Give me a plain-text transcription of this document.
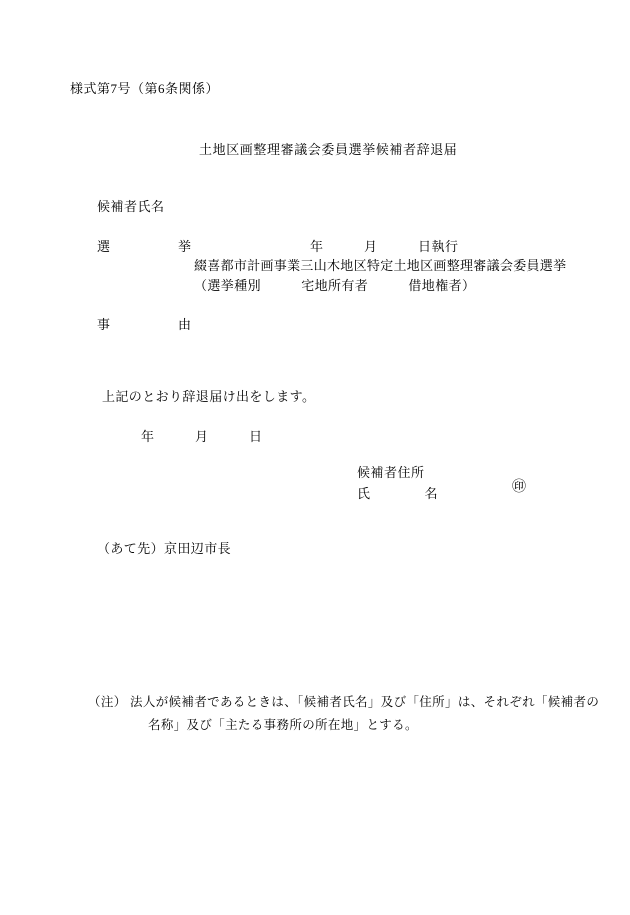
様式第7号（第6条関係）
土地区画整理審議会委員選挙候補者辞退届
候補者氏名
選　　　　　挙	年　　　月　　　日執行
綴喜都市計画事業三山木地区特定土地区画整理審議会委員選挙
（選挙種別　　　宅地所有者　　　借地権者）
事　　　　　由
上記のとおり辞退届け出をします。
年　　　月　　　日
候補者住所
氏　　　　名	㊞
（あて先）京田辺市長
（注） 法人が候補者であるときは、「候補者氏名」及び「住所」は、それぞれ「候補者の
名称」及び「主たる事務所の所在地」とする。
